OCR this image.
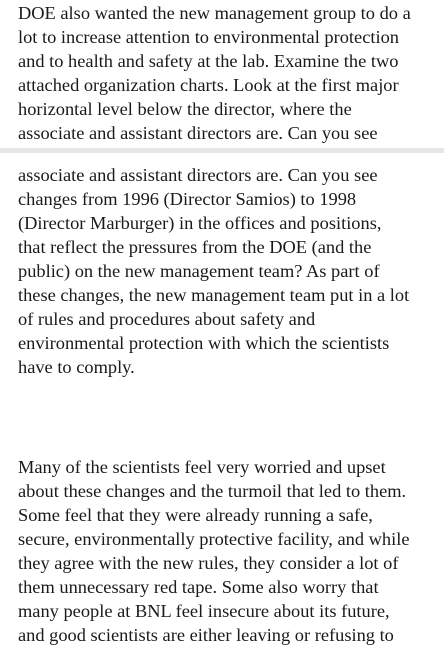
DOE also wanted the new management group to do a
lot to increase attention to environmental protection
and to health and safety at the lab. Examine the two
attached organization charts. Look at the first major
horizontal level below the director, where the
associate and assistant directors are. Can you see
associate and assistant directors are. Can you see
changes from 1996 (Director Samios) to 1998
(Director Marburger) in the offices and positions,
that reflect the pressures from the DOE (and the
public) on the new management team? As part of
these changes, the new management team put in a lot
of rules and procedures about safety and
environmental protection with which the scientists
have to comply.
Many of the scientists feel very worried and upset
about these changes and the turmoil that led to them.
Some feel that they were already running a safe,
secure, environmentally protective facility, and while
they agree with the new rules, they consider a lot of
them unnecessary red tape. Some also worry that
many people at BNL feel insecure about its future,
and good scientists are either leaving or refusing to
